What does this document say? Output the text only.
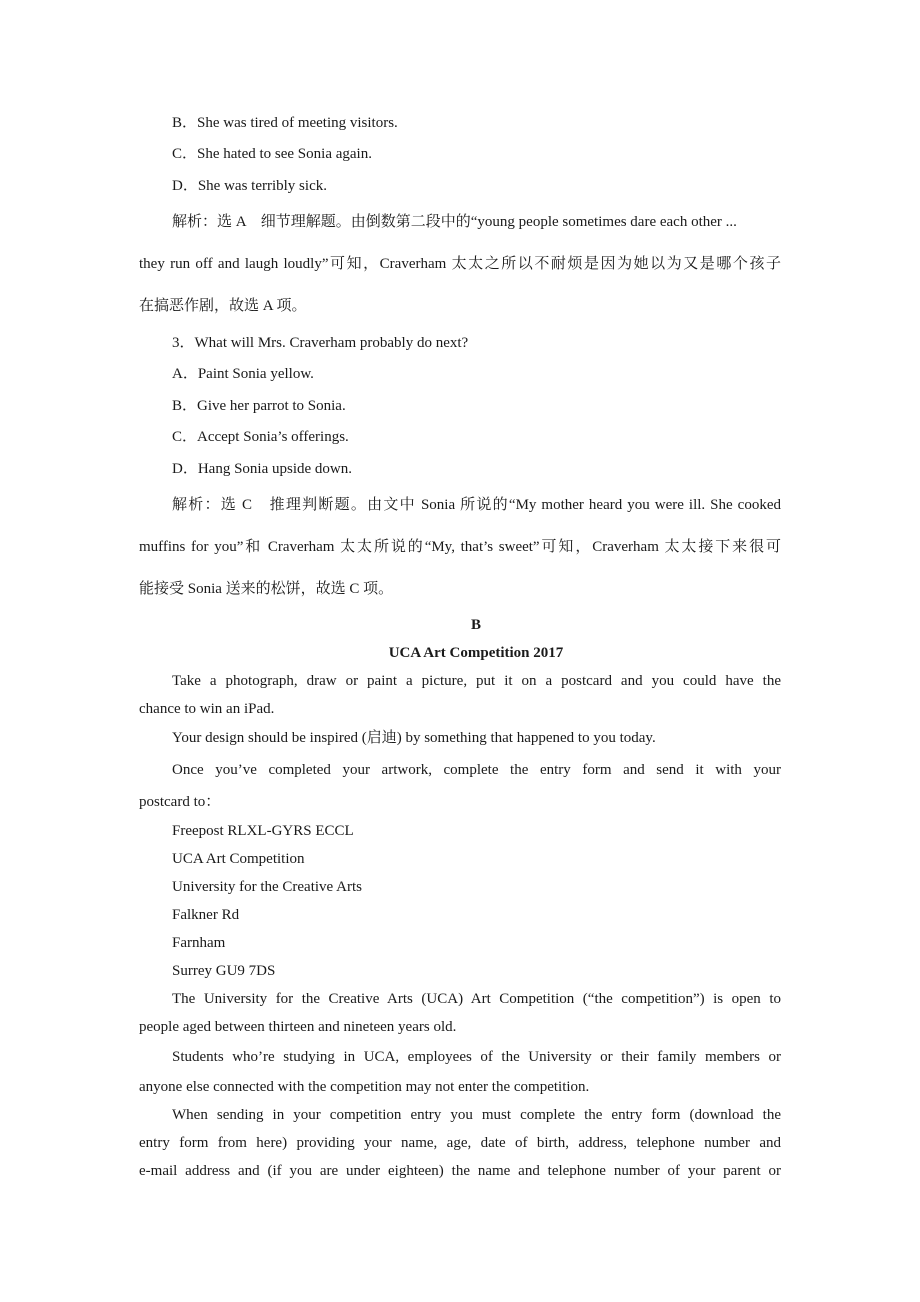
B．She was tired of meeting visitors.
C．She hated to see Sonia again.
D．She was terribly sick.
解析：选 A　细节理解题。由倒数第二段中的“young people sometimes dare each other ...
they run off and laugh loudly”可知，Craverham 太太之所以不耐烦是因为她以为又是哪个孩子
在搞恶作剧，故选 A 项。
3．What will Mrs. Craverham probably do next?
A．Paint Sonia yellow.
B．Give her parrot to Sonia.
C．Accept Sonia’s offerings.
D．Hang Sonia upside down.
解析：选 C　推理判断题。由文中 Sonia 所说的“My mother heard you were ill. She cooked
muffins for you”和 Craverham 太太所说的“My, that’s sweet”可知，Craverham 太太接下来很可
能接受 Sonia 送来的松饼，故选 C 项。
B
UCA Art Competition 2017
Take a photograph, draw or paint a picture, put it on a postcard and you could have the
chance to win an iPad.
Your design should be inspired (启迪) by something that happened to you today.
Once you’ve completed your artwork, complete the entry form and send it with your
postcard to：
Freepost RLXL-GYRS ECCL
UCA Art Competition
University for the Creative Arts
Falkner Rd
Farnham
Surrey GU9 7DS
The University for the Creative Arts (UCA) Art Competition (“the competition”) is open to
people aged between thirteen and nineteen years old.
Students who’re studying in UCA, employees of the University or their family members or
anyone else connected with the competition may not enter the competition.
When sending in your competition entry you must complete the entry form (download the
entry form from here) providing your name, age, date of birth, address, telephone number and
e-mail address and (if you are under eighteen) the name and telephone number of your parent or
